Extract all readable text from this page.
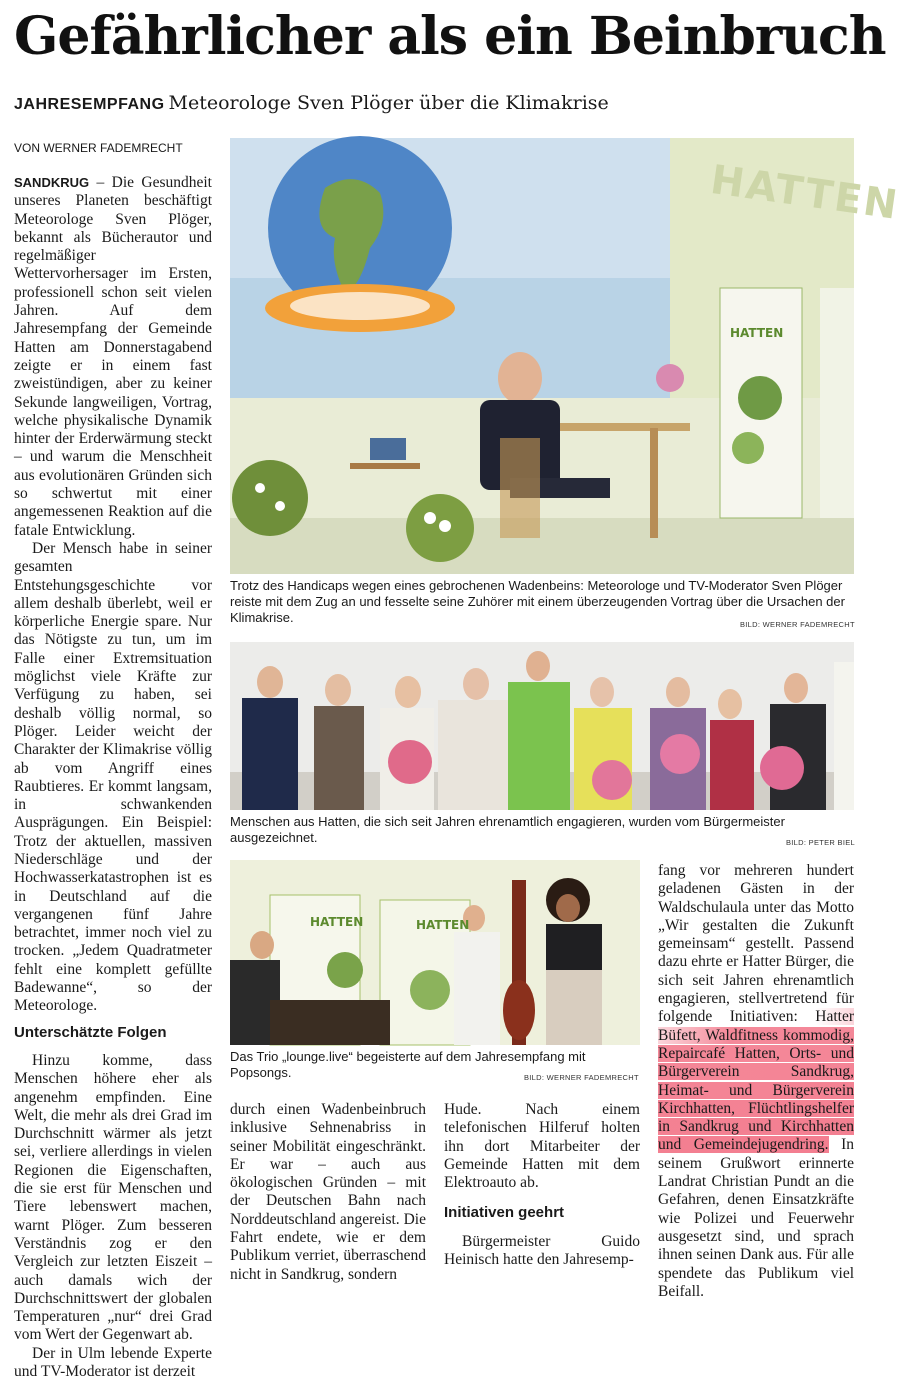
Gefährlicher als ein Beinbruch
JAHRESEMPFANG Meteorologe Sven Plöger über die Klimakrise
VON WERNER FADEMRECHT

SANDKRUG – Die Gesundheit unseres Planeten beschäftigt Meteorologe Sven Plöger, bekannt als Bücherautor und regelmäßiger Wettervorhersager im Ersten, professionell schon seit vielen Jahren. Auf dem Jahresempfang der Gemeinde Hatten am Donnerstagabend zeigte er in einem fast zweistündigen, aber zu keiner Sekunde langweiligen, Vortrag, welche physikalische Dynamik hinter der Erderwärmung steckt – und warum die Menschheit aus evolutionären Gründen sich so schwertut mit einer angemessenen Reaktion auf die fatale Entwicklung.

Der Mensch habe in seiner gesamten Entstehungsgeschichte vor allem deshalb überlebt, weil er körperliche Energie spare. Nur das Nötigste zu tun, um im Falle einer Extremsituation möglichst viele Kräfte zur Verfügung zu haben, sei deshalb völlig normal, so Plöger. Leider weicht der Charakter der Klimakrise völlig ab vom Angriff eines Raubtieres. Er kommt langsam, in schwankenden Ausprägungen. Ein Beispiel: Trotz der aktuellen, massiven Niederschläge und der Hochwasserkatastrophen ist es in Deutschland auf die vergangenen fünf Jahre betrachtet, immer noch viel zu trocken. „Jedem Quadratmeter fehlt eine komplett gefüllte Badewanne“, so der Meteorologe.

Unterschätzte Folgen

Hinzu komme, dass Menschen höhere eher als angenehm empfinden. Eine Welt, die mehr als drei Grad im Durchschnitt wärmer als jetzt sei, verliere allerdings in vielen Regionen die Eigenschaften, die sie erst für Menschen und Tiere lebenswert machen, warnt Plöger. Zum besseren Verständnis zog er den Vergleich zur letzten Eiszeit – auch damals wich der Durchschnittswert der globalen Temperaturen „nur“ drei Grad vom Wert der Gegenwart ab.

Der in Ulm lebende Experte und TV-Moderator ist derzeit

HATTEN
HATTEN
Trotz des Handicaps wegen eines gebrochenen Wadenbeins: Meteorologe und TV-Moderator Sven Plöger reiste mit dem Zug an und fesselte seine Zuhörer mit einem überzeugenden Vortrag über die Ursachen der Klimakrise.	BILD: WERNER FADEMRECHT
Menschen aus Hatten, die sich seit Jahren ehrenamtlich engagieren, wurden vom Bürgermeister ausgezeichnet.	BILD: PETER BIEL
HATTEN	HATTEN
Das Trio „lounge.live“ begeisterte auf dem Jahresempfang mit Popsongs.	BILD: WERNER FADEMRECHT

durch einen Wadenbeinbruch inklusive Sehnenabriss in seiner Mobilität eingeschränkt. Er war – auch aus ökologischen Gründen – mit der Deutschen Bahn nach Norddeutschland angereist. Die Fahrt endete, wie er dem Publikum verriet, überraschend nicht in Sandkrug, sondern

Hude. Nach einem telefonischen Hilferuf holten ihn dort Mitarbeiter der Gemeinde Hatten mit dem Elektroauto ab.

Initiativen geehrt

Bürgermeister Guido Heinisch hatte den Jahresemp-

fang vor mehreren hundert geladenen Gästen in der Waldschulaula unter das Motto „Wir gestalten die Zukunft gemeinsam“ gestellt. Passend dazu ehrte er Hatter Bürger, die sich seit Jahren ehrenamtlich engagieren, stellvertretend für folgende Initiativen: Hatter Büfett, Waldfitness kommodig, Repaircafé Hatten, Orts- und Bürgerverein Sandkrug, Heimat- und Bürgerverein Kirchhatten, Flüchtlingshelfer in Sandkrug und Kirchhatten und Gemeindejugendring. In seinem Grußwort erinnerte Landrat Christian Pundt an die Gefahren, denen Einsatzkräfte wie Polizei und Feuerwehr ausgesetzt sind, und sprach ihnen seinen Dank aus. Für alle spendete das Publikum viel Beifall.
